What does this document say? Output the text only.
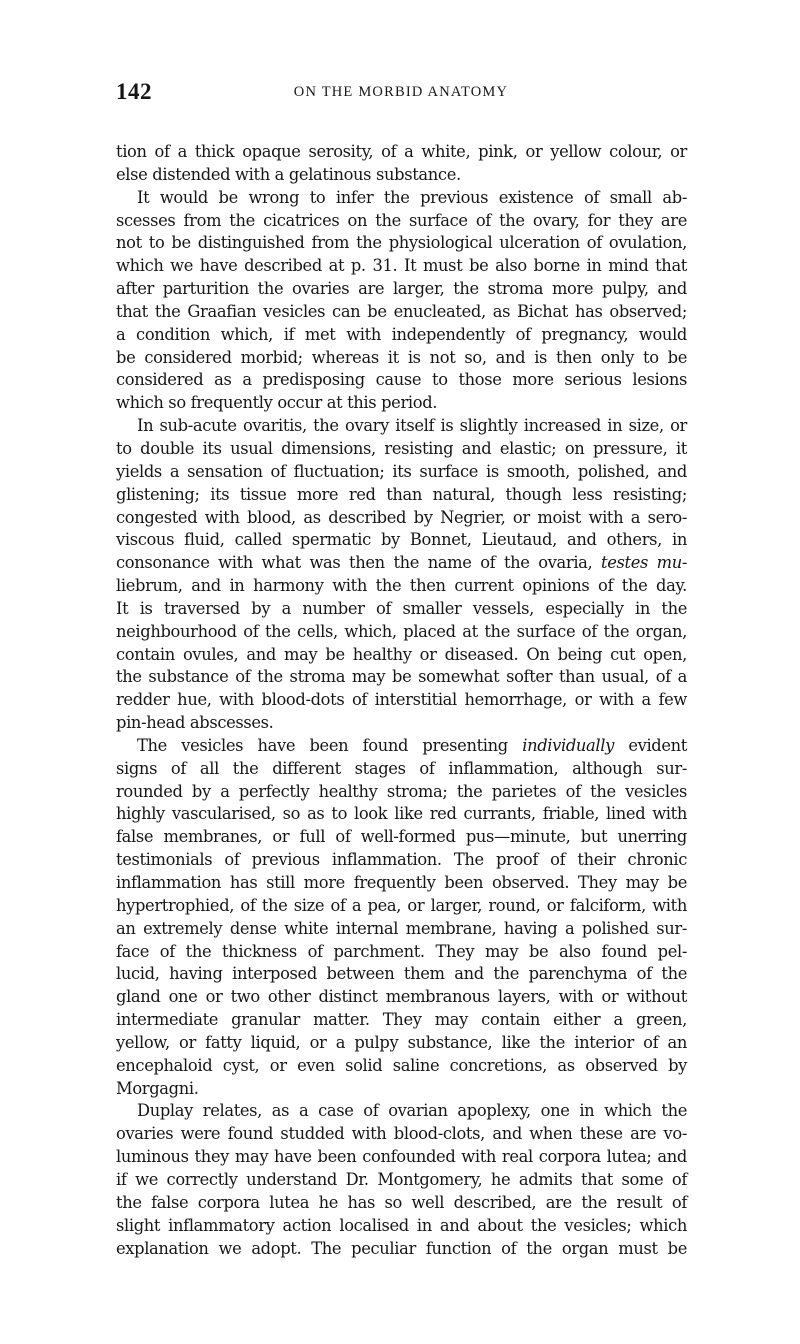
142	ON THE MORBID ANATOMY
tion of a thick opaque serosity, of a white, pink, or yellow colour, or
else distended with a gelatinous substance.
It would be wrong to infer the previous existence of small ab-
scesses from the cicatrices on the surface of the ovary, for they are
not to be distinguished from the physiological ulceration of ovulation,
which we have described at p. 31. It must be also borne in mind that
after parturition the ovaries are larger, the stroma more pulpy, and
that the Graafian vesicles can be enucleated, as Bichat has observed;
a condition which, if met with independently of pregnancy, would
be considered morbid; whereas it is not so, and is then only to be
considered as a predisposing cause to those more serious lesions
which so frequently occur at this period.
In sub-acute ovaritis, the ovary itself is slightly increased in size, or
to double its usual dimensions, resisting and elastic; on pressure, it
yields a sensation of fluctuation; its surface is smooth, polished, and
glistening; its tissue more red than natural, though less resisting;
congested with blood, as described by Negrier, or moist with a sero-
viscous fluid, called spermatic by Bonnet, Lieutaud, and others, in
consonance with what was then the name of the ovaria, testes mu-
liebrum, and in harmony with the then current opinions of the day.
It is traversed by a number of smaller vessels, especially in the
neighbourhood of the cells, which, placed at the surface of the organ,
contain ovules, and may be healthy or diseased. On being cut open,
the substance of the stroma may be somewhat softer than usual, of a
redder hue, with blood-dots of interstitial hemorrhage, or with a few
pin-head abscesses.
The vesicles have been found presenting individually evident
signs of all the different stages of inflammation, although sur-
rounded by a perfectly healthy stroma; the parietes of the vesicles
highly vascularised, so as to look like red currants, friable, lined with
false membranes, or full of well-formed pus—minute, but unerring
testimonials of previous inflammation. The proof of their chronic
inflammation has still more frequently been observed. They may be
hypertrophied, of the size of a pea, or larger, round, or falciform, with
an extremely dense white internal membrane, having a polished sur-
face of the thickness of parchment. They may be also found pel-
lucid, having interposed between them and the parenchyma of the
gland one or two other distinct membranous layers, with or without
intermediate granular matter. They may contain either a green,
yellow, or fatty liquid, or a pulpy substance, like the interior of an
encephaloid cyst, or even solid saline concretions, as observed by
Morgagni.
Duplay relates, as a case of ovarian apoplexy, one in which the
ovaries were found studded with blood-clots, and when these are vo-
luminous they may have been confounded with real corpora lutea; and
if we correctly understand Dr. Montgomery, he admits that some of
the false corpora lutea he has so well described, are the result of
slight inflammatory action localised in and about the vesicles; which
explanation we adopt. The peculiar function of the organ must be
